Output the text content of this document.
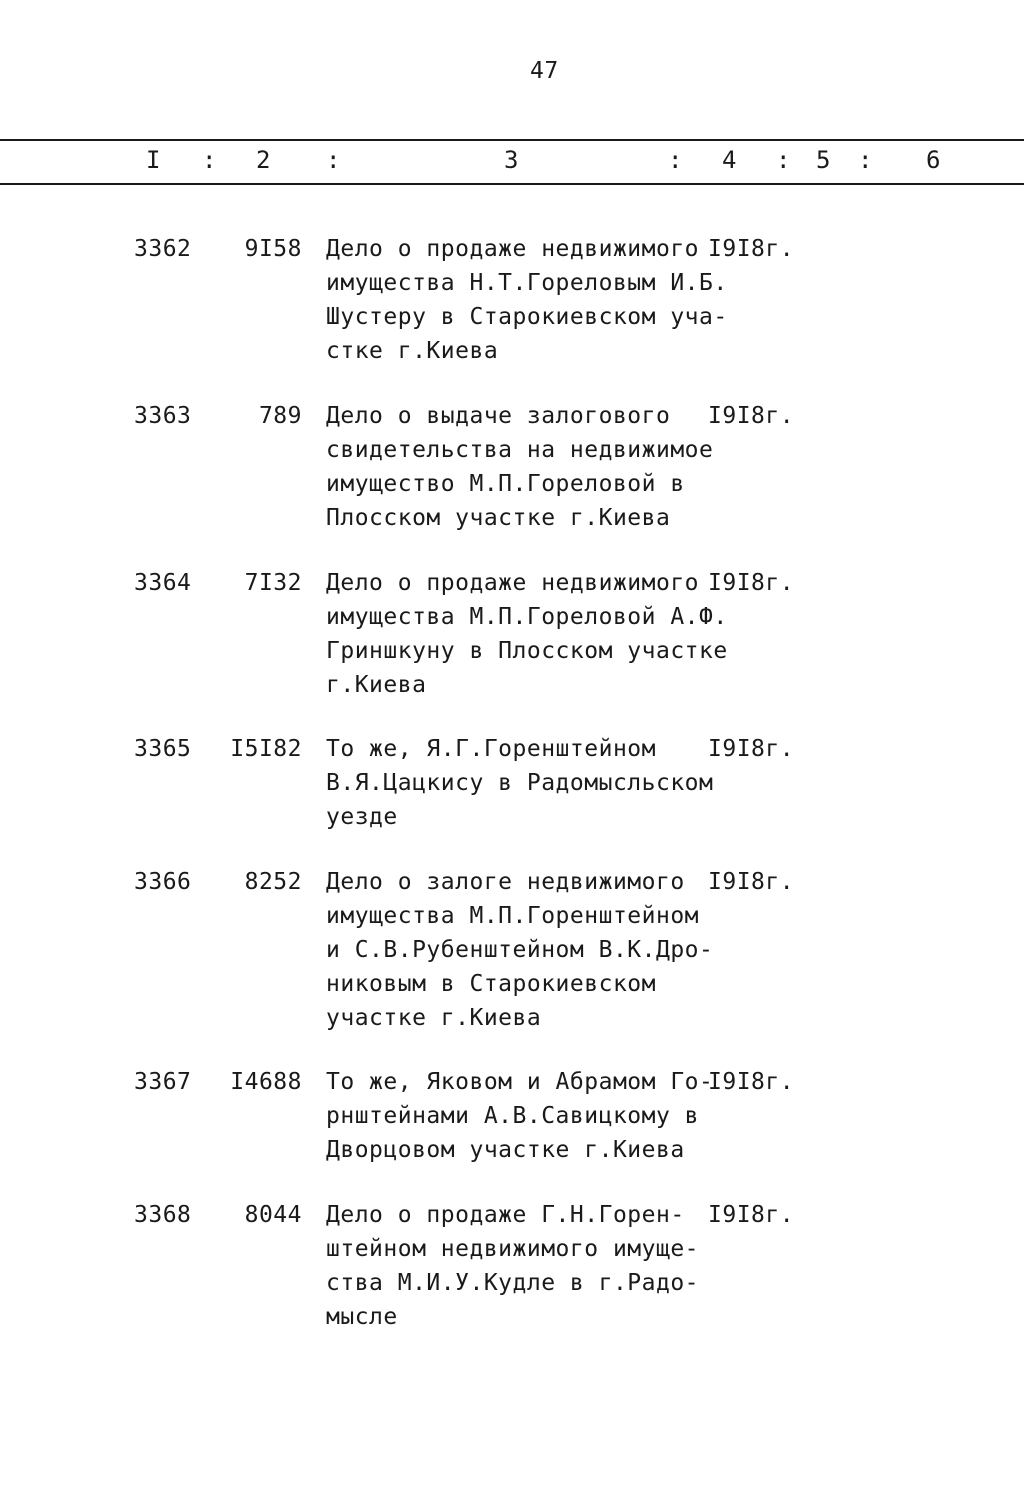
47
I : 2 :	3	: 4 : 5 : 6
3362	9I58 Дело о продаже недвижимого
имущества Н.Т.Гореловым И.Б.
Шустеру в Старокиевском уча-
стке г.Киева
I9I8г.
3363	789 Дело о выдаче залогового
свидетельства на недвижимое
имущество М.П.Гореловой в
Плосском участке г.Киева
I9I8г.
3364	7I32 Дело о продаже недвижимого
имущества М.П.Гореловой А.Ф.
Гриншкуну в Плосском участке
г.Киева
I9I8г.
3365	I5I82 То же, Я.Г.Горенштейном
В.Я.Цацкису в Радомысльском
уезде
I9I8г.
3366	8252 Дело о залоге недвижимого
имущества М.П.Горенштейном
и С.В.Рубенштейном В.К.Дро-
никовым в Старокиевском
участке г.Киева
I9I8г.
3367	I4688 То же, Яковом и Абрамом Го-
рнштейнами А.В.Савицкому в
Дворцовом участке г.Киева
I9I8г.
3368	8044 Дело о продаже Г.Н.Горен-
штейном недвижимого имуще-
ства М.И.У.Кудле в г.Радо-
мысле
I9I8г.
